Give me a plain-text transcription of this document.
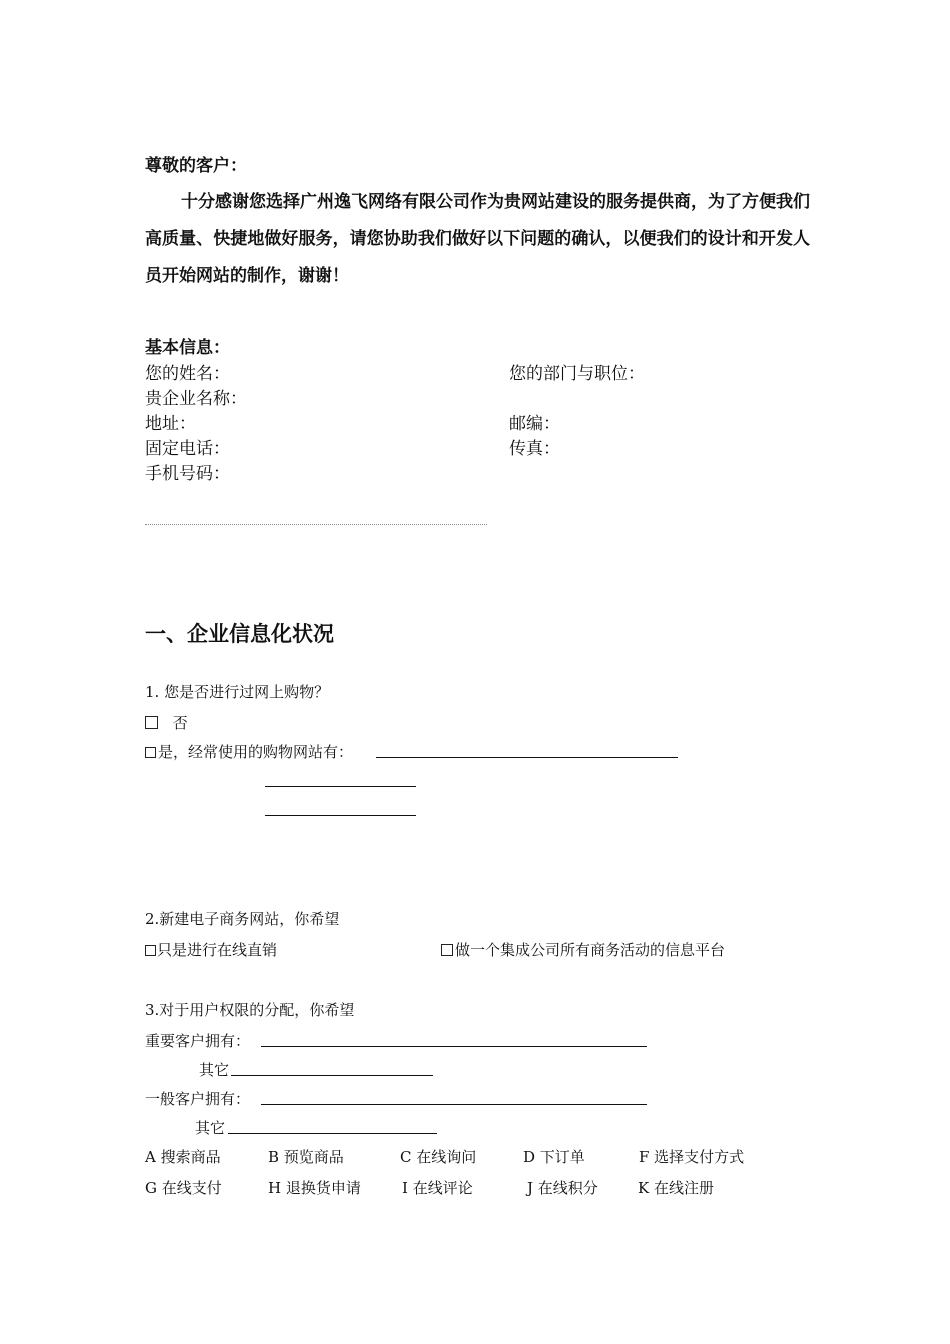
尊敬的客户：
十分感谢您选择广州逸飞网络有限公司作为贵网站建设的服务提供商，为了方便我们高质量、快捷地做好服务，请您协助我们做好以下问题的确认，以便我们的设计和开发人员开始网站的制作，谢谢！
基本信息：
您的姓名：	您的部门与职位：
贵企业名称：
地址：	邮编：
固定电话：	传真：
手机号码：
一、企业信息化状况
1. 您是否进行过网上购物？
否
是，经常使用的购物网站有：
2.新建电子商务网站，你希望
只是进行在线直销	做一个集成公司所有商务活动的信息平台
3.对于用户权限的分配，你希望
重要客户拥有：
其它
一般客户拥有：
其它
A 搜索商品	B 预览商品	C 在线询问	D 下订单	F 选择支付方式
G 在线支付	H 退换货申请	I 在线评论	J 在线积分	K 在线注册
